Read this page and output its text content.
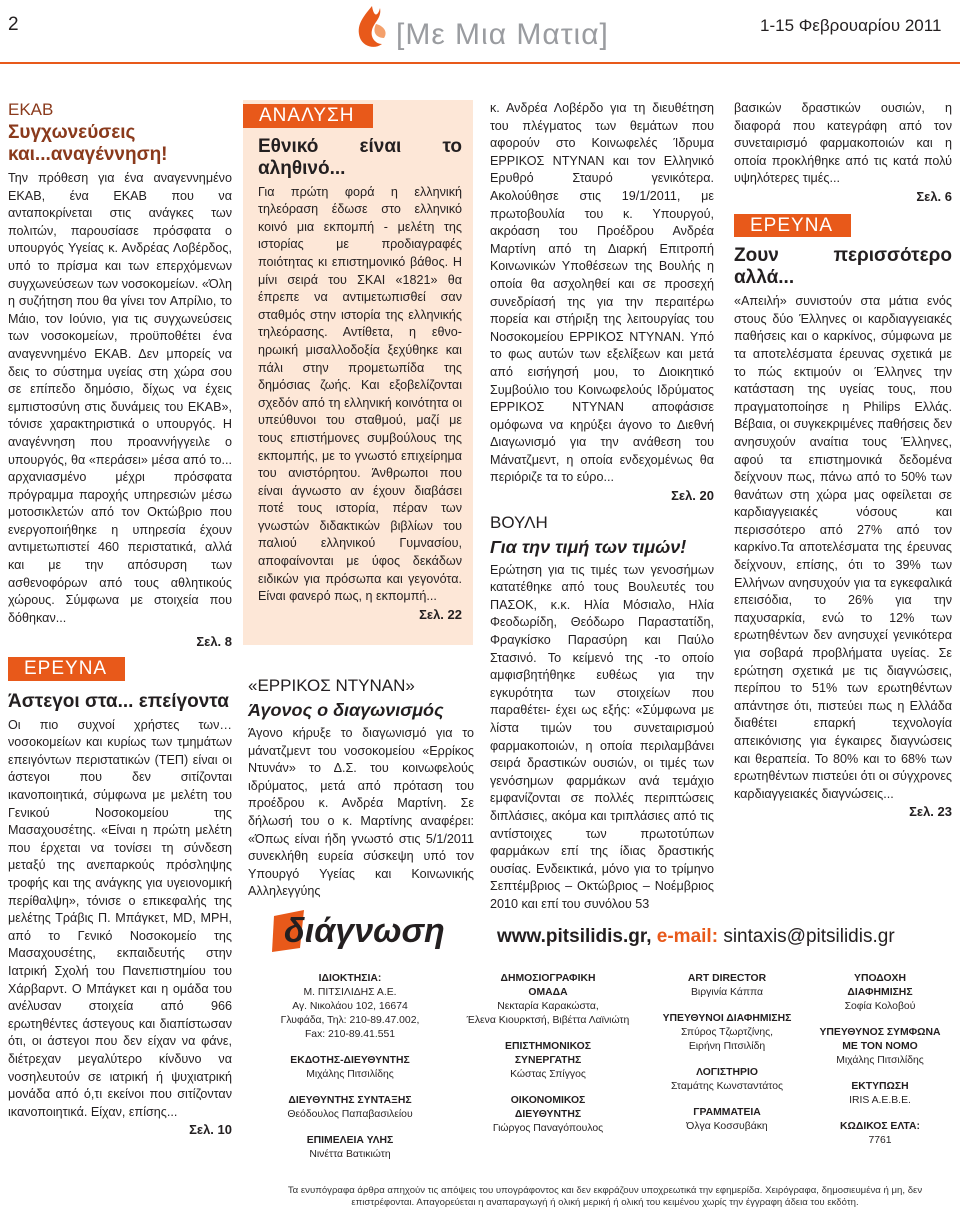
2	[Με Μια Ματια]	1-15 Φεβρουαρίου 2011
ΕΚΑΒ
Συγχωνεύσεις και...αναγέννηση!

Την πρόθεση για ένα αναγεννημένο ΕΚΑΒ, ένα ΕΚΑΒ που να ανταποκρίνεται στις ανάγκες των πολιτών, παρουσίασε πρόσφατα ο υπουργός Υγείας κ. Ανδρέας Λοβέρδος, υπό το πρίσμα και των επερχόμενων συγχωνεύσεων των νοσοκομείων. «Όλη η συζήτηση που θα γίνει τον Απρίλιο, το Μάιο, τον Ιούνιο, για τις συγχωνεύσεις των νοσοκομείων, προϋποθέτει ένα αναγεννημένο ΕΚΑΒ. Δεν μπορείς να δεις το σύστημα υγείας στη χώρα σου σε επίπεδο δημόσιο, δίχως να έχεις εμπιστοσύνη στις δυνάμεις του ΕΚΑΒ», τόνισε χαρακτηριστικά ο υπουργός. Η αναγέννηση που προαννήγγειλε ο υπουργός, θα «περάσει» μέσα από το... αρχανιασμένο μέχρι πρόσφατα πρόγραμμα παροχής υπηρεσιών μέσω μοτοσικλετών από τον Οκτώβριο που ενεργοποιήθηκε η υπηρεσία έχουν αντιμετωπιστεί 460 περιστατικά, αλλά και με την απόσυρση των ασθενοφόρων από τους αθλητικούς χώρους. Σύμφωνα με στοιχεία που δόθηκαν...

Σελ. 8
ΕΡΕΥΝΑ
Άστεγοι στα... επείγοντα

Οι πιο συχνοί χρήστες των…νοσοκομείων και κυρίως των τμημάτων επειγόντων περιστατικών (ΤΕΠ) είναι οι άστεγοι που δεν σιτίζονται ικανοποιητικά, σύμφωνα με μελέτη του Γενικού Νοσοκομείου της Μασαχουσέτης. «Είναι η πρώτη μελέτη που έρχεται να τονίσει τη σύνδεση μεταξύ της ανεπαρκούς πρόσληψης τροφής και της ανάγκης για υγειονομική περίθαλψη», τόνισε ο επικεφαλής της μελέτης Τράβις Π. Μπάγκετ, MD, MPH, από το Γενικό Νοσοκομείο της Μασαχουσέτης, εκπαιδευτής στην Ιατρική Σχολή του Πανεπιστημίου του Χάρβαρντ. Ο Μπάγκετ και η ομάδα του ανέλυσαν στοιχεία από 966 ερωτηθέντες άστεγους και διαπίστωσαν ότι, οι άστεγοι που δεν είχαν να φάνε, διέτρεχαν μεγαλύτερο κίνδυνο να νοσηλευτούν σε ιατρική ή ψυχιατρική μονάδα από ό,τι εκείνοι που σιτίζονταν ικανοποιητικά. Είχαν, επίσης...

Σελ. 10
ΑΝΑΛΥΣΗ
Εθνικό είναι το αληθινό...

Για πρώτη φορά η ελληνική τηλεόραση έδωσε στο ελληνικό κοινό μια εκπομπή - μελέτη της ιστορίας με προδιαγραφές ποιότητας κι επιστημονικό βάθος. Η μίνι σειρά του ΣΚΑΙ «1821» θα έπρεπε να αντιμετωπισθεί σαν σταθμός στην ιστορία της ελληνικής τηλεόρασης. Αντίθετα, η εθνο-ηρωική μισαλλοδοξία ξεχύθηκε και πάλι στην προμετωπίδα της δημόσιας ζωής. Και εξοβελίζονται σχεδόν από τη ελληνική κοινότητα οι υπεύθυνοι του σταθμού, μαζί με τους επιστήμονες συμβούλους της εκπομπής, με το γνωστό επιχείρημα του ανιστόρητου. Άνθρωποι που είναι άγνωστο αν έχουν διαβάσει ποτέ τους ιστορία, πέραν των γνωστών διδακτικών βιβλίων του παλιού ελληνικού Γυμνασίου, αποφαίνονται με ύφος δεκάδων ειδικών για πρόσωπα και γεγονότα. Είναι φανερό πως, η εκπομπή...

Σελ. 22
«ΕΡΡΙΚΟΣ ΝΤΥΝΑΝ»
Άγονος ο διαγωνισμός

Άγονο κήρυξε το διαγωνισμό για το μάνατζμεντ του νοσοκομείου «Ερρίκος Ντυνάν» το Δ.Σ. του κοινωφελούς ιδρύματος, μετά από πρόταση του προέδρου κ. Ανδρέα Μαρτίνη. Σε δήλωσή του ο κ. Μαρτίνης αναφέρει: «Όπως είναι ήδη γνωστό στις 5/1/2011 συνεκλήθη ευρεία σύσκεψη υπό τον Υπουργό Υγείας και Κοινωνικής Αλληλεγγύης

κ. Ανδρέα Λοβέρδο για τη διευθέτηση του πλέγματος των θεμάτων που αφορούν στο Κοινωφελές Ίδρυμα ΕΡΡΙΚΟΣ ΝΤΥΝΑΝ και τον Ελληνικό Ερυθρό Σταυρό γενικότερα. Ακολούθησε στις 19/1/2011, με πρωτοβουλία του κ. Υπουργού, ακρόαση του Προέδρου Ανδρέα Μαρτίνη από τη Διαρκή Επιτροπή Κοινωνικών Υποθέσεων της Βουλής η οποία θα ασχοληθεί και σε προσεχή συνεδρίασή της για την περαιτέρω πορεία και στήριξη της λειτουργίας του Νοσοκομείου ΕΡΡΙΚΟΣ ΝΤΥΝΑΝ. Υπό το φως αυτών των εξελίξεων και μετά από εισήγησή μου, το Διοικητικό Συμβούλιο του Κοινωφελούς Ιδρύματος ΕΡΡΙΚΟΣ ΝΤΥΝΑΝ αποφάσισε ομόφωνα να κηρύξει άγονο το Διεθνή Διαγωνισμό για την ανάθεση του Μάνατζμεντ, η οποία ενδεχομένως θα περιόριζε τα το εύρο...

Σελ. 20
ΒΟΥΛΗ
Για την τιμή των τιμών!

Ερώτηση για τις τιμές των γενοσήμων κατατέθηκε από τους Βουλευτές του ΠΑΣΟΚ, κ.κ. Ηλία Μόσιαλο, Ηλία Φεοδωρίδη, Θεόδωρο Παραστατίδη, Φραγκίσκο Παρασύρη και Παύλο Στασινό. Το κείμενό της -το οποίο αμφισβητήθηκε ευθέως για την εγκυρότητα των στοιχείων που παραθέτει- έχει ως εξής: «Σύμφωνα με λίστα τιμών του συνεταιρισμού φαρμακοποιών, η οποία περιλαμβάνει σειρά δραστικών ουσιών, οι τιμές των γενόσημων φαρμάκων ανά τεμάχιο εμφανίζονται σε πολλές περιπτώσεις διπλάσιες, ακόμα και τριπλάσιες από τις αντίστοιχες των πρωτοτύπων φαρμάκων επί της ίδιας δραστικής ουσίας. Ενδεικτικά, μόνο για το τρίμηνο Σεπτέμβριος – Οκτώβριος – Νοέμβριος 2010 και επί του συνόλου 53

βασικών δραστικών ουσιών, η διαφορά που κατεγράφη από τον συνεταιρισμό φαρμακοποιών και η οποία προκλήθηκε από τις κατά πολύ υψηλότερες τιμές...

Σελ. 6
ΕΡΕΥΝΑ
Ζουν περισσότερο αλλά...

«Απειλή» συνιστούν στα μάτια ενός στους δύο Έλληνες οι καρδιαγγειακές παθήσεις και ο καρκίνος, σύμφωνα με τα αποτελέσματα έρευνας σχετικά με το πώς εκτιμούν οι Έλληνες την κατάσταση της υγείας τους, που πραγματοποίησε η Philips Ελλάς. Βέβαια, οι συγκεκριμένες παθήσεις δεν ανησυχούν αναίτια τους Έλληνες, αφού τα επιστημονικά δεδομένα δείχνουν πως, πάνω από το 50% των θανάτων στη χώρα μας οφείλεται σε καρδιαγγειακές νόσους και περισσότερο από 27% από τον καρκίνο.Τα αποτελέσματα της έρευνας δείχνουν, επίσης, ότι το 39% των Ελλήνων ανησυχούν για τα εγκεφαλικά επεισόδια, το 26% για την παχυσαρκία, ενώ το 12% των ερωτηθέντων δεν ανησυχεί γενικότερα για σοβαρά προβλήματα υγείας. Σε ερώτηση σχετικά με τις διαγνώσεις, περίπου το 51% των ερωτηθέντων απάντησε ότι, πιστεύει πως η Ελλάδα διαθέτει επαρκή τεχνολογία απεικόνισης για έγκαιρες διαγνώσεις και θεραπεία. Το 80% και το 68% των ερωτηθέντων πιστεύει ότι οι σύγχρονες καρδιαγγειακές διαγνώσεις...

Σελ. 23
διάγνωση	www.pitsilidis.gr, e-mail: sintaxis@pitsilidis.gr
ΙΔΙΟΚΤΗΣΙΑ:
Μ. ΠΙΤΣΙΛΙΔΗΣ Α.Ε.
Αγ. Νικολάου 102, 16674
Γλυφάδα, Τηλ: 210-89.47.002,
Fax: 210-89.41.551
ΕΚΔΟΤΗΣ-ΔΙΕΥΘΥΝΤΗΣ
Μιχάλης Πιτσιλίδης
ΔΙΕΥΘΥΝΤΗΣ ΣΥΝΤΑΞΗΣ
Θεόδουλος Παπαβασιλείου
ΕΠΙΜΕΛΕΙΑ ΥΛΗΣ
Νινέττα Βατικιώτη
ΔΗΜΟΣΙΟΓΡΑΦΙΚΗ
ΟΜΑΔΑ
Νεκταρία Καρακώστα,
Έλενα Κιουρκτσή, Βιβέττα Λαϊνιώτη
ΕΠΙΣΤΗΜΟΝΙΚΟΣ
ΣΥΝΕΡΓΑΤΗΣ
Κώστας Σπίγγος
ΟΙΚΟΝΟΜΙΚΟΣ
ΔΙΕΥΘΥΝΤΗΣ
Γιώργος Παναγόπουλος
ART DIRECTOR
Βιργινία Κάππα
ΥΠΕΥΘΥΝΟΙ ΔΙΑΦΗΜΙΣΗΣ
Σπύρος Τζωρτζίνης,
Ειρήνη Πιτσιλίδη
ΛΟΓΙΣΤΗΡΙΟ
Σταμάτης Κωνσταντάτος
ΓΡΑΜΜΑΤΕΙΑ
Όλγα Κοσσυβάκη
ΥΠΟΔΟΧΗ
ΔΙΑΦΗΜΙΣΗΣ
Σοφία Κολοβού
ΥΠΕΥΘΥΝΟΣ ΣΥΜΦΩΝΑ
ΜΕ ΤΟΝ ΝΟΜΟ
Μιχάλης Πιτσιλίδης
ΕΚΤΥΠΩΣΗ
IRIS A.E.B.E.
ΚΩΔΙΚΟΣ ΕΛΤΑ:
7761
Τα ενυπόγραφα άρθρα απηχούν τις απόψεις του υπογράφοντος και δεν εκφράζουν υποχρεωτικά την εφημερίδα. Χειρόγραφα, δημοσιευμένα ή μη, δεν επιστρέφονται. Απαγορεύεται η αναπαραγωγή ή ολική μερική ή ολική του κειμένου χωρίς την έγγραφη άδεια του εκδότη.
